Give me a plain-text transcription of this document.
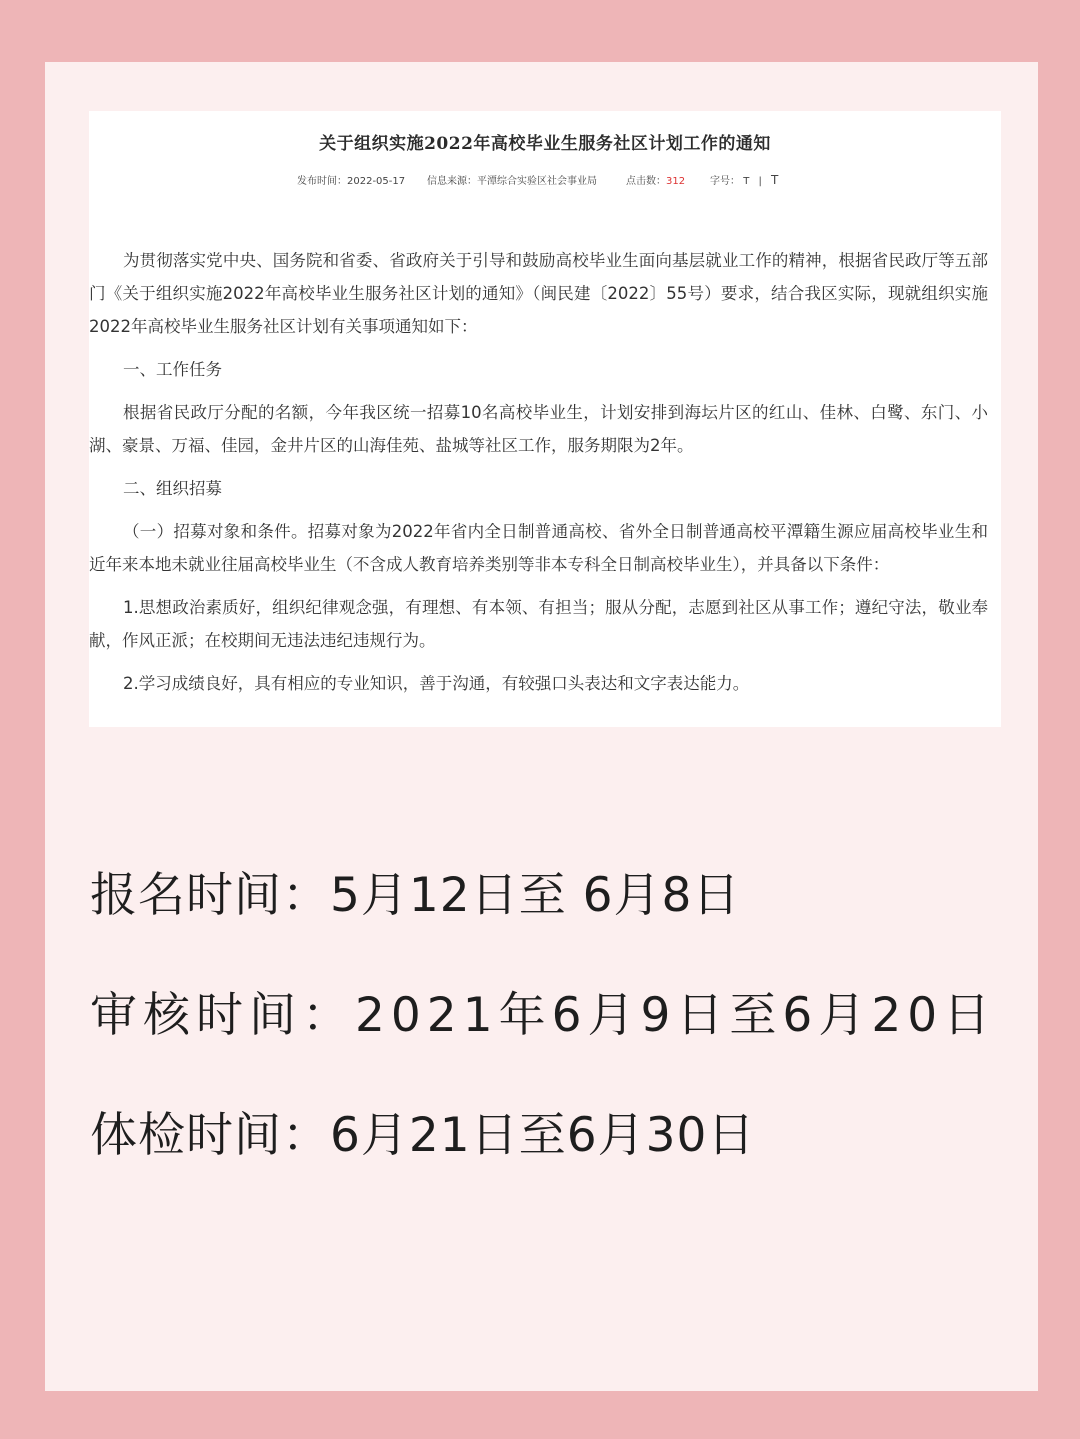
关于组织实施2022年高校毕业生服务社区计划工作的通知
发布时间：2022-05-17 信息来源：平潭综合实验区社会事业局	点击数：312 字号： T | T

为贯彻落实党中央、国务院和省委、省政府关于引导和鼓励高校毕业生面向基层就业工作的精神，根据省民政厅等五部门《关于组织实施2022年高校毕业生服务社区计划的通知》（闽民建〔2022〕55号）要求，结合我区实际，现就组织实施2022年高校毕业生服务社区计划有关事项通知如下：

一、工作任务

根据省民政厅分配的名额，今年我区统一招募10名高校毕业生，计划安排到海坛片区的红山、佳林、白鹭、东门、小湖、豪景、万福、佳园，金井片区的山海佳苑、盐城等社区工作，服务期限为2年。

二、组织招募

（一）招募对象和条件。招募对象为2022年省内全日制普通高校、省外全日制普通高校平潭籍生源应届高校毕业生和近年来本地未就业往届高校毕业生（不含成人教育培养类别等非本专科全日制高校毕业生），并具备以下条件：

1.思想政治素质好，组织纪律观念强，有理想、有本领、有担当；服从分配，志愿到社区从事工作；遵纪守法，敬业奉献，作风正派；在校期间无违法违纪违规行为。

2.学习成绩良好，具有相应的专业知识，善于沟通，有较强口头表达和文字表达能力。

报名时间：5月12日至 6月8日
审核时间：2021年6月9日至6月20日
体检时间：6月21日至6月30日
